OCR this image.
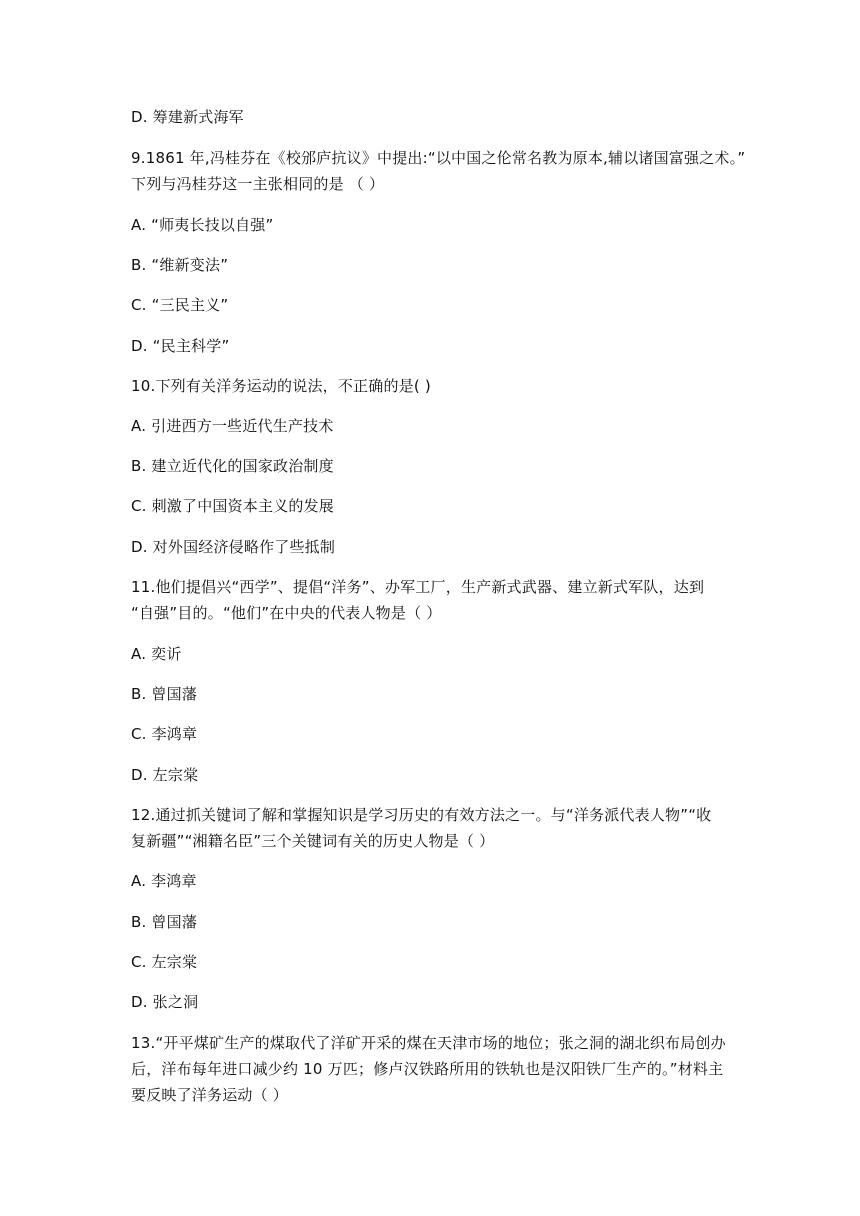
D. 筹建新式海军
9.1861 年,冯桂芬在《校邠庐抗议》中提出:“以中国之伦常名教为原本,辅以诸国富强之术。”
下列与冯桂芬这一主张相同的是 （ ）
A. “师夷长技以自强”
B. “维新变法”
C. “三民主义”
D. “民主科学”
10.下列有关洋务运动的说法，不正确的是( )
A. 引进西方一些近代生产技术
B. 建立近代化的国家政治制度
C. 刺激了中国资本主义的发展
D. 对外国经济侵略作了些抵制
11.他们提倡兴“西学”、提倡“洋务”、办军工厂，生产新式武器、建立新式军队，达到
“自强”目的。“他们”在中央的代表人物是（ ）
A. 奕䜣
B. 曾国藩
C. 李鸿章
D. 左宗棠
12.通过抓关键词了解和掌握知识是学习历史的有效方法之一。与“洋务派代表人物”“收
复新疆”“湘籍名臣”三个关键词有关的历史人物是（ ）
A. 李鸿章
B. 曾国藩
C. 左宗棠
D. 张之洞
13.“开平煤矿生产的煤取代了洋矿开采的煤在天津市场的地位；张之洞的湖北织布局创办
后，洋布每年进口减少约 10 万匹；修卢汉铁路所用的铁轨也是汉阳铁厂生产的。”材料主
要反映了洋务运动（ ）
